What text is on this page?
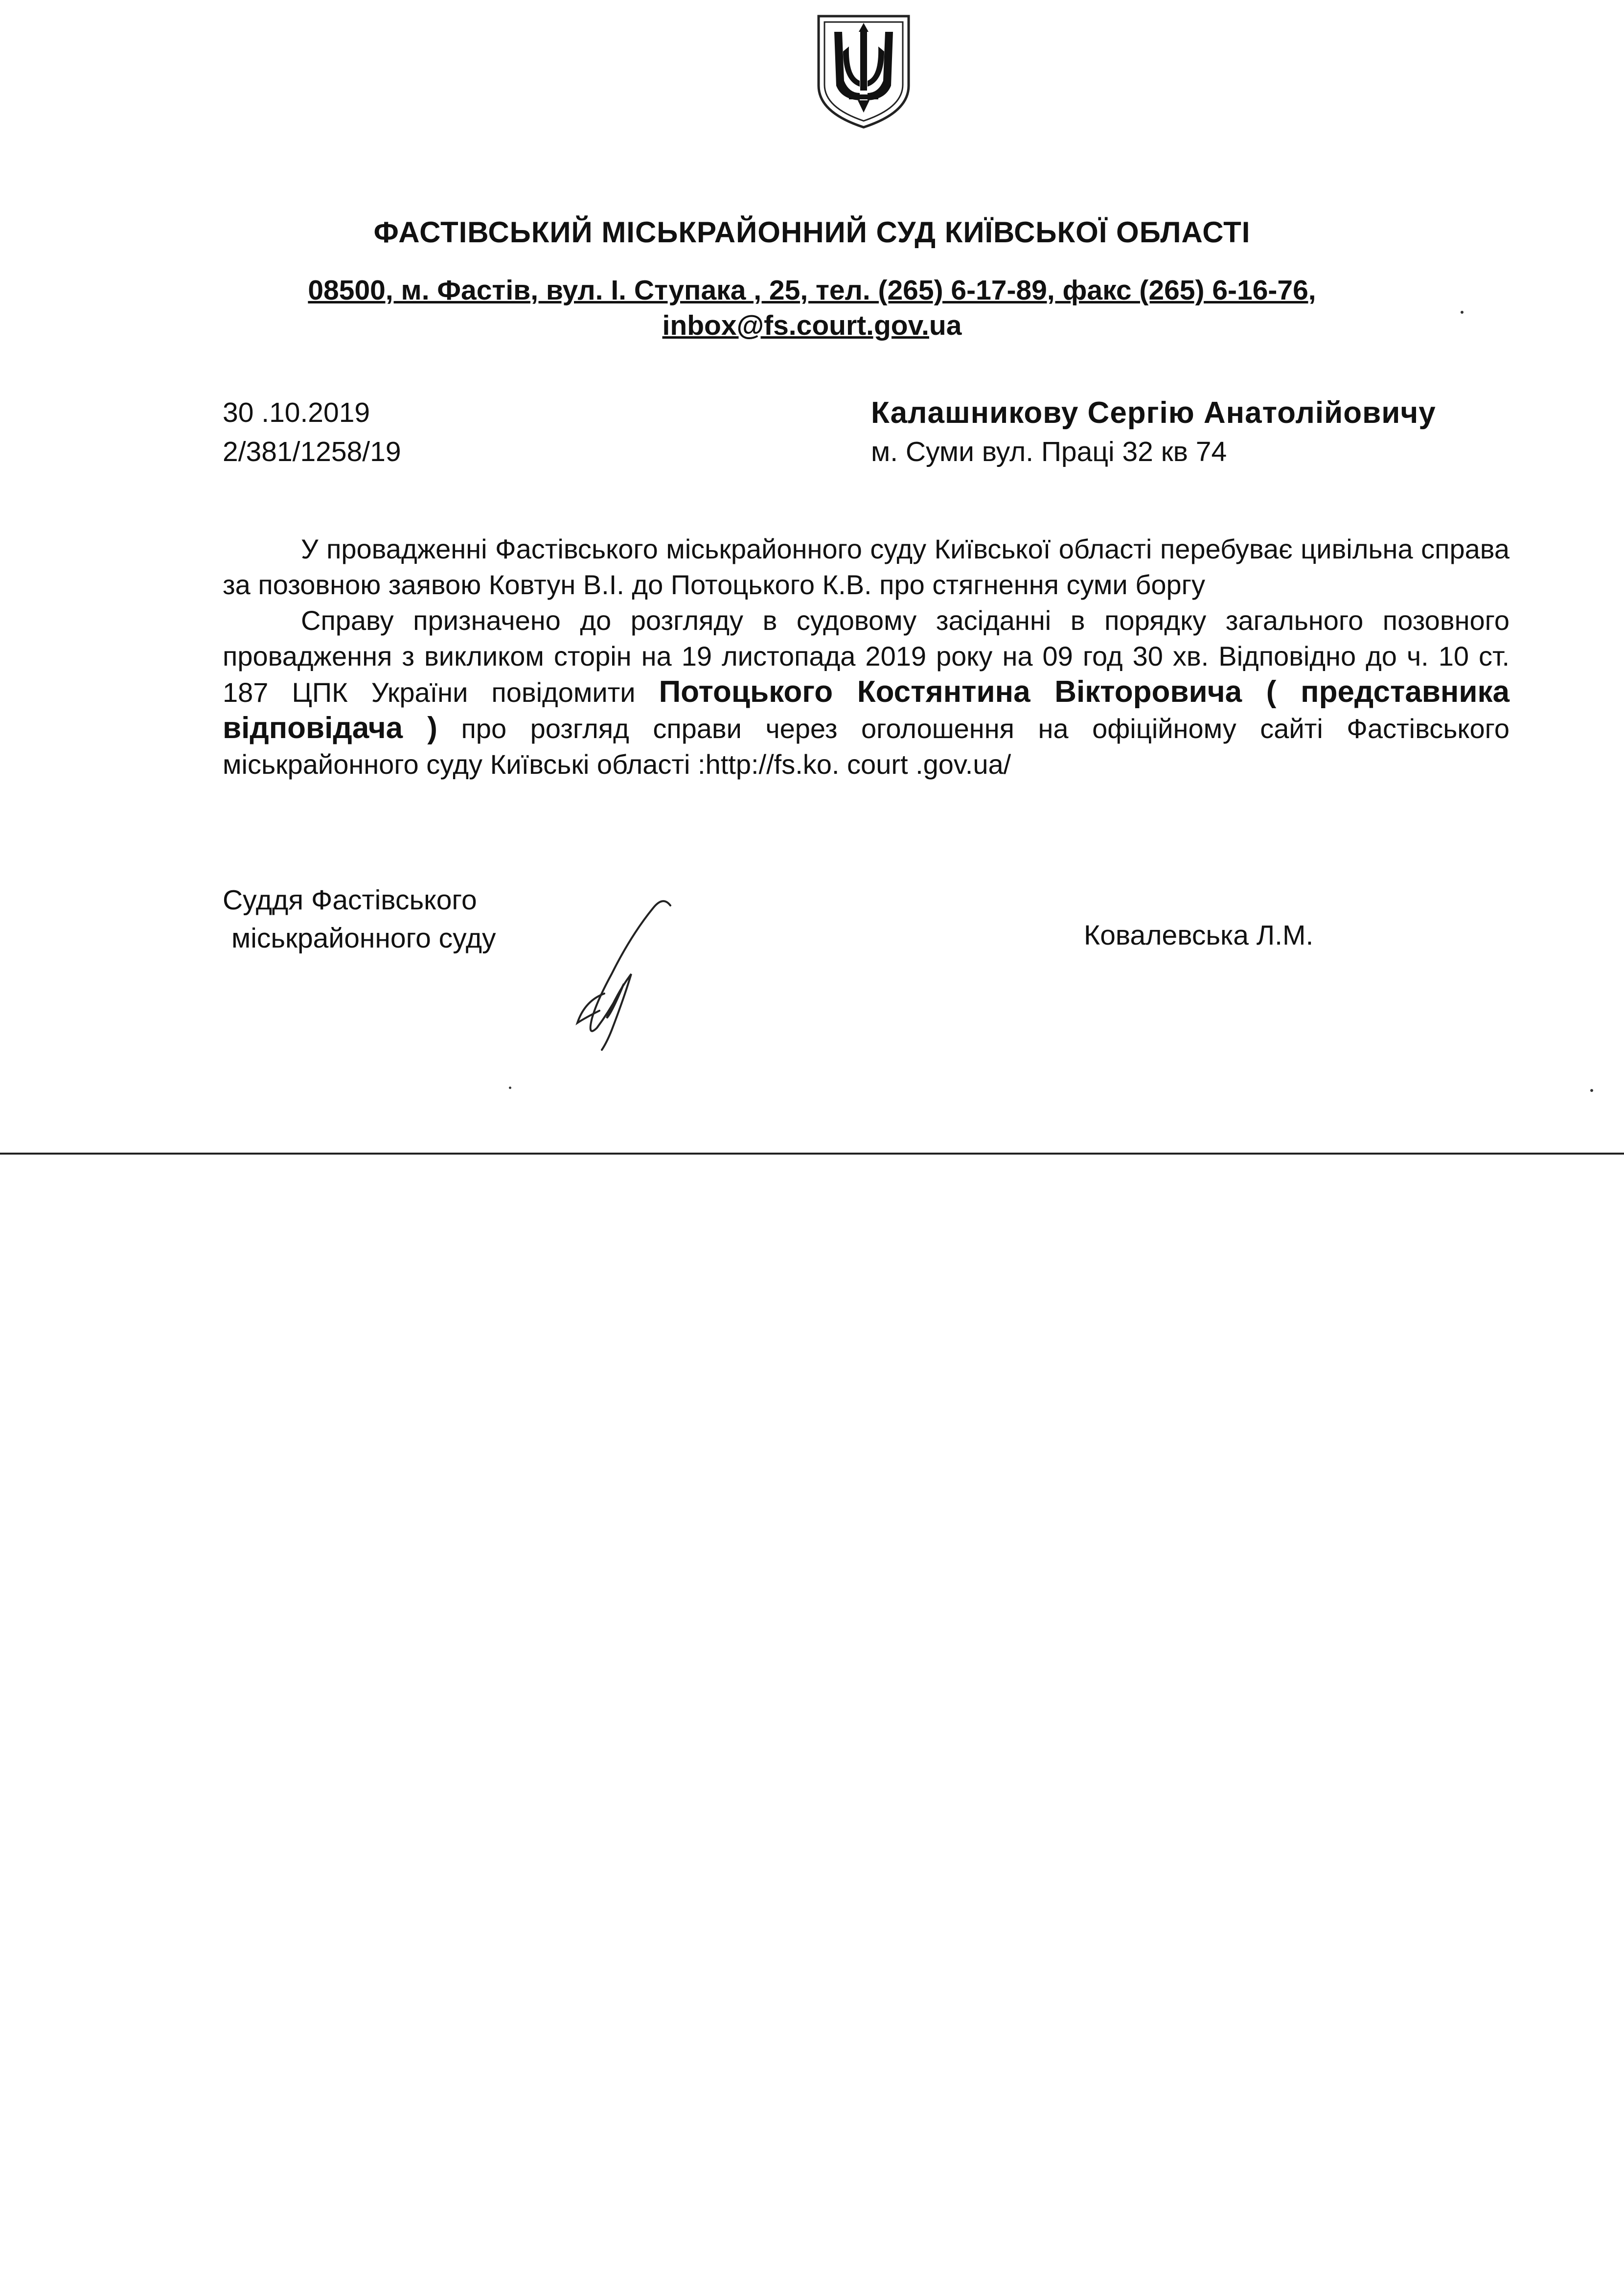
ФАСТІВСЬКИЙ МІСЬКРАЙОННИЙ СУД КИЇВСЬКОЇ ОБЛАСТІ
08500, м. Фастів, вул. І. Ступака , 25, тел. (265) 6-17-89, факс (265) 6-16-76,
inbox@fs.court.gov.ua
30 .10.2019
2/381/1258/19
Калашникову Сергію Анатолійовичу
м. Суми вул. Праці 32 кв 74

У провадженні Фастівського міськрайонного суду Київської області перебуває цивільна справа за позовною заявою Ковтун В.І. до Потоцького К.В. про стягнення суми боргу

Справу призначено до розгляду в судовому засіданні в порядку загального позовного провадження з викликом сторін на 19 листопада 2019 року на 09 год 30 хв. Відповідно до ч. 10 ст. 187 ЦПК України повідомити Потоцького Костянтина Вікторовича ( представника відповідача ) про розгляд справи через оголошення на офіційному сайті Фастівського міськрайонного суду Київські області :http://fs.ko. court .gov.ua/

Суддя Фастівського
міськрайонного суду	Ковалевська Л.М.
